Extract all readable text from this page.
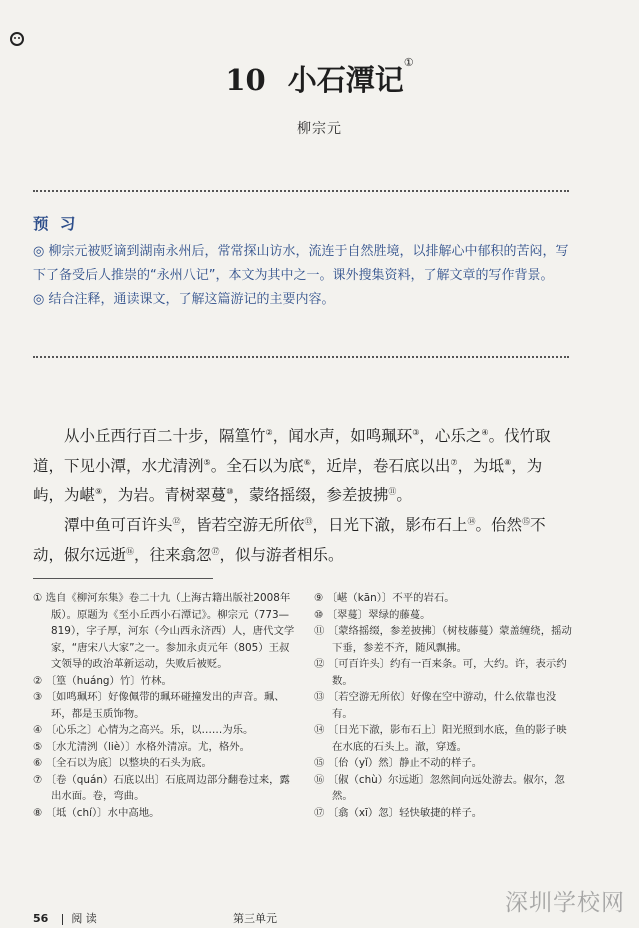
10 小石潭记①
柳宗元
预 习

◎ 柳宗元被贬谪到湖南永州后，常常探山访水，流连于自然胜境，以排解心中郁积的苦闷，写下了备受后人推崇的“永州八记”，本文为其中之一。课外搜集资料，了解文章的写作背景。

◎ 结合注释，通读课文，了解这篇游记的主要内容。

从小丘西行百二十步，隔篁竹②，闻水声，如鸣珮环③，心乐之④。伐竹取道，下见小潭，水尤清洌⑤。全石以为底⑥，近岸，卷石底以出⑦，为坻⑧，为屿，为嵁⑨，为岩。青树翠蔓⑩，蒙络摇缀，参差披拂⑪。

潭中鱼可百许头⑫，皆若空游无所依⑬，日光下澈，影布石上⑭。佁然⑮不动，俶尔远逝⑯，往来翕忽⑰，似与游者相乐。

① 选自《柳河东集》卷二十九（上海古籍出版社2008年版）。原题为《至小丘西小石潭记》。柳宗元（773—819），字子厚，河东（今山西永济西）人，唐代文学家，“唐宋八大家”之一。参加永贞元年（805）王叔文领导的政治革新运动，失败后被贬。

② 〔篁（huáng）竹〕竹林。

③ 〔如鸣珮环〕好像佩带的珮环碰撞发出的声音。珮、环，都是玉质饰物。

④ 〔心乐之〕心情为之高兴。乐，以……为乐。

⑤ 〔水尤清洌（liè）〕水格外清凉。尤，格外。

⑥ 〔全石以为底〕以整块的石头为底。

⑦ 〔卷（quán）石底以出〕石底周边部分翻卷过来，露出水面。卷，弯曲。

⑧ 〔坻（chí）〕水中高地。

⑨ 〔嵁（kān）〕不平的岩石。

⑩ 〔翠蔓〕翠绿的藤蔓。

⑪ 〔蒙络摇缀，参差披拂〕（树枝藤蔓）蒙盖缠绕，摇动下垂，参差不齐，随风飘拂。

⑫ 〔可百许头〕约有一百来条。可，大约。许，表示约数。

⑬ 〔若空游无所依〕好像在空中游动，什么依靠也没有。

⑭ 〔日光下澈，影布石上〕阳光照到水底，鱼的影子映在水底的石头上。澈，穿透。

⑮ 〔佁（yǐ）然〕静止不动的样子。

⑯ 〔俶（chù）尔远逝〕忽然间向远处游去。俶尔，忽然。

⑰ 〔翕（xī）忽〕轻快敏捷的样子。

56 阅 读	第三单元
深圳学校网
